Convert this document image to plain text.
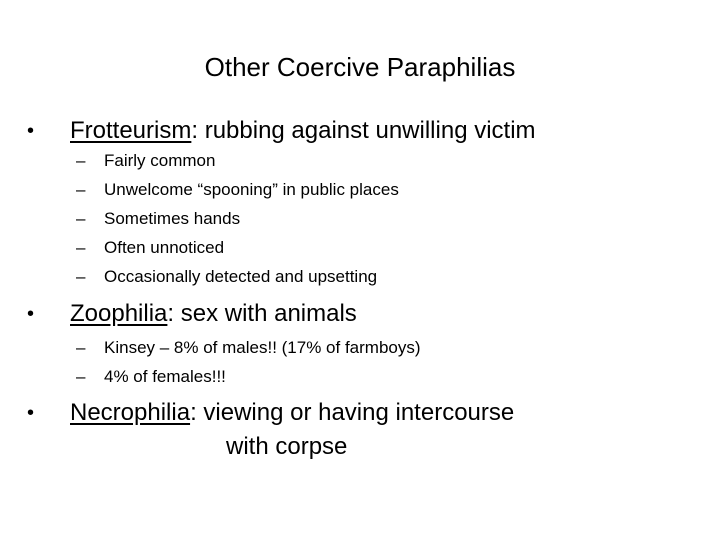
Other Coercive Paraphilias
• Frotteurism: rubbing against unwilling victim
– Fairly common
– Unwelcome “spooning” in public places
– Sometimes hands
– Often unnoticed
– Occasionally detected and upsetting
• Zoophilia: sex with animals
– Kinsey – 8% of males!! (17% of farmboys)
– 4% of females!!!
• Necrophilia: viewing or having intercourse
with corpse
